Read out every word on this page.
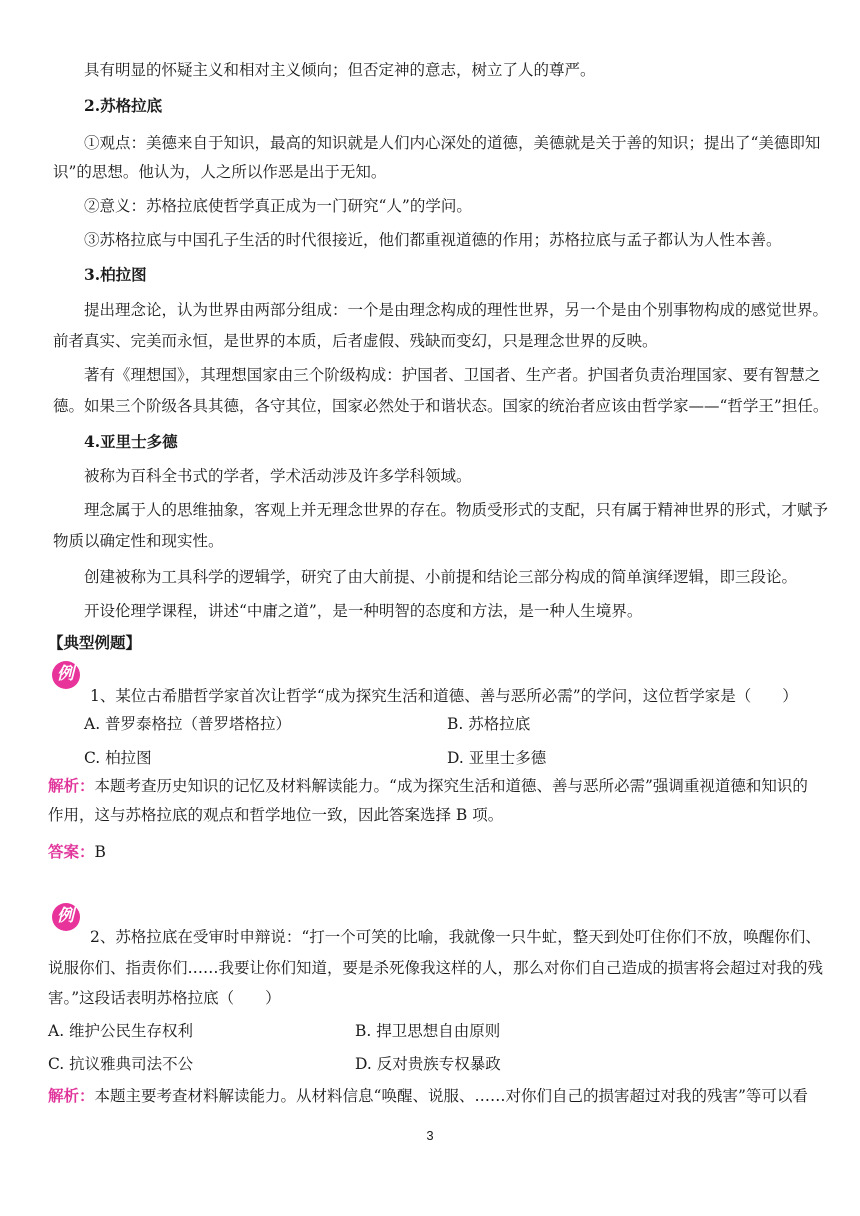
具有明显的怀疑主义和相对主义倾向；但否定神的意志，树立了人的尊严。
2.苏格拉底
①观点：美德来自于知识，最高的知识就是人们内心深处的道德，美德就是关于善的知识；提出了“美德即知
识”的思想。他认为，人之所以作恶是出于无知。
②意义：苏格拉底使哲学真正成为一门研究“人”的学问。
③苏格拉底与中国孔子生活的时代很接近，他们都重视道德的作用；苏格拉底与孟子都认为人性本善。
3.柏拉图
提出理念论，认为世界由两部分组成：一个是由理念构成的理性世界，另一个是由个别事物构成的感觉世界。
前者真实、完美而永恒，是世界的本质，后者虚假、残缺而变幻，只是理念世界的反映。
著有《理想国》，其理想国家由三个阶级构成：护国者、卫国者、生产者。护国者负责治理国家、要有智慧之
德。如果三个阶级各具其德，各守其位，国家必然处于和谐状态。国家的统治者应该由哲学家——“哲学王”担任。
4.亚里士多德
被称为百科全书式的学者，学术活动涉及许多学科领域。
理念属于人的思维抽象，客观上并无理念世界的存在。物质受形式的支配，只有属于精神世界的形式，才赋予
物质以确定性和现实性。
创建被称为工具科学的逻辑学，研究了由大前提、小前提和结论三部分构成的简单演绎逻辑，即三段论。
开设伦理学课程，讲述“中庸之道”，是一种明智的态度和方法，是一种人生境界。
【典型例题】
例
1、某位古希腊哲学家首次让哲学“成为探究生活和道德、善与恶所必需”的学问，这位哲学家是（　　）
A. 普罗泰格拉（普罗塔格拉）	B. 苏格拉底
C. 柏拉图	D. 亚里士多德
解析：本题考查历史知识的记忆及材料解读能力。“成为探究生活和道德、善与恶所必需”强调重视道德和知识的
作用，这与苏格拉底的观点和哲学地位一致，因此答案选择 B 项。
答案：B
例
2、苏格拉底在受审时申辩说：“打一个可笑的比喻，我就像一只牛虻，整天到处叮住你们不放，唤醒你们、
说服你们、指责你们……我要让你们知道，要是杀死像我这样的人，那么对你们自己造成的损害将会超过对我的残
害。”这段话表明苏格拉底（　　）
A. 维护公民生存权利	B. 捍卫思想自由原则
C. 抗议雅典司法不公	D. 反对贵族专权暴政
解析：本题主要考查材料解读能力。从材料信息“唤醒、说服、……对你们自己的损害超过对我的残害”等可以看
3
